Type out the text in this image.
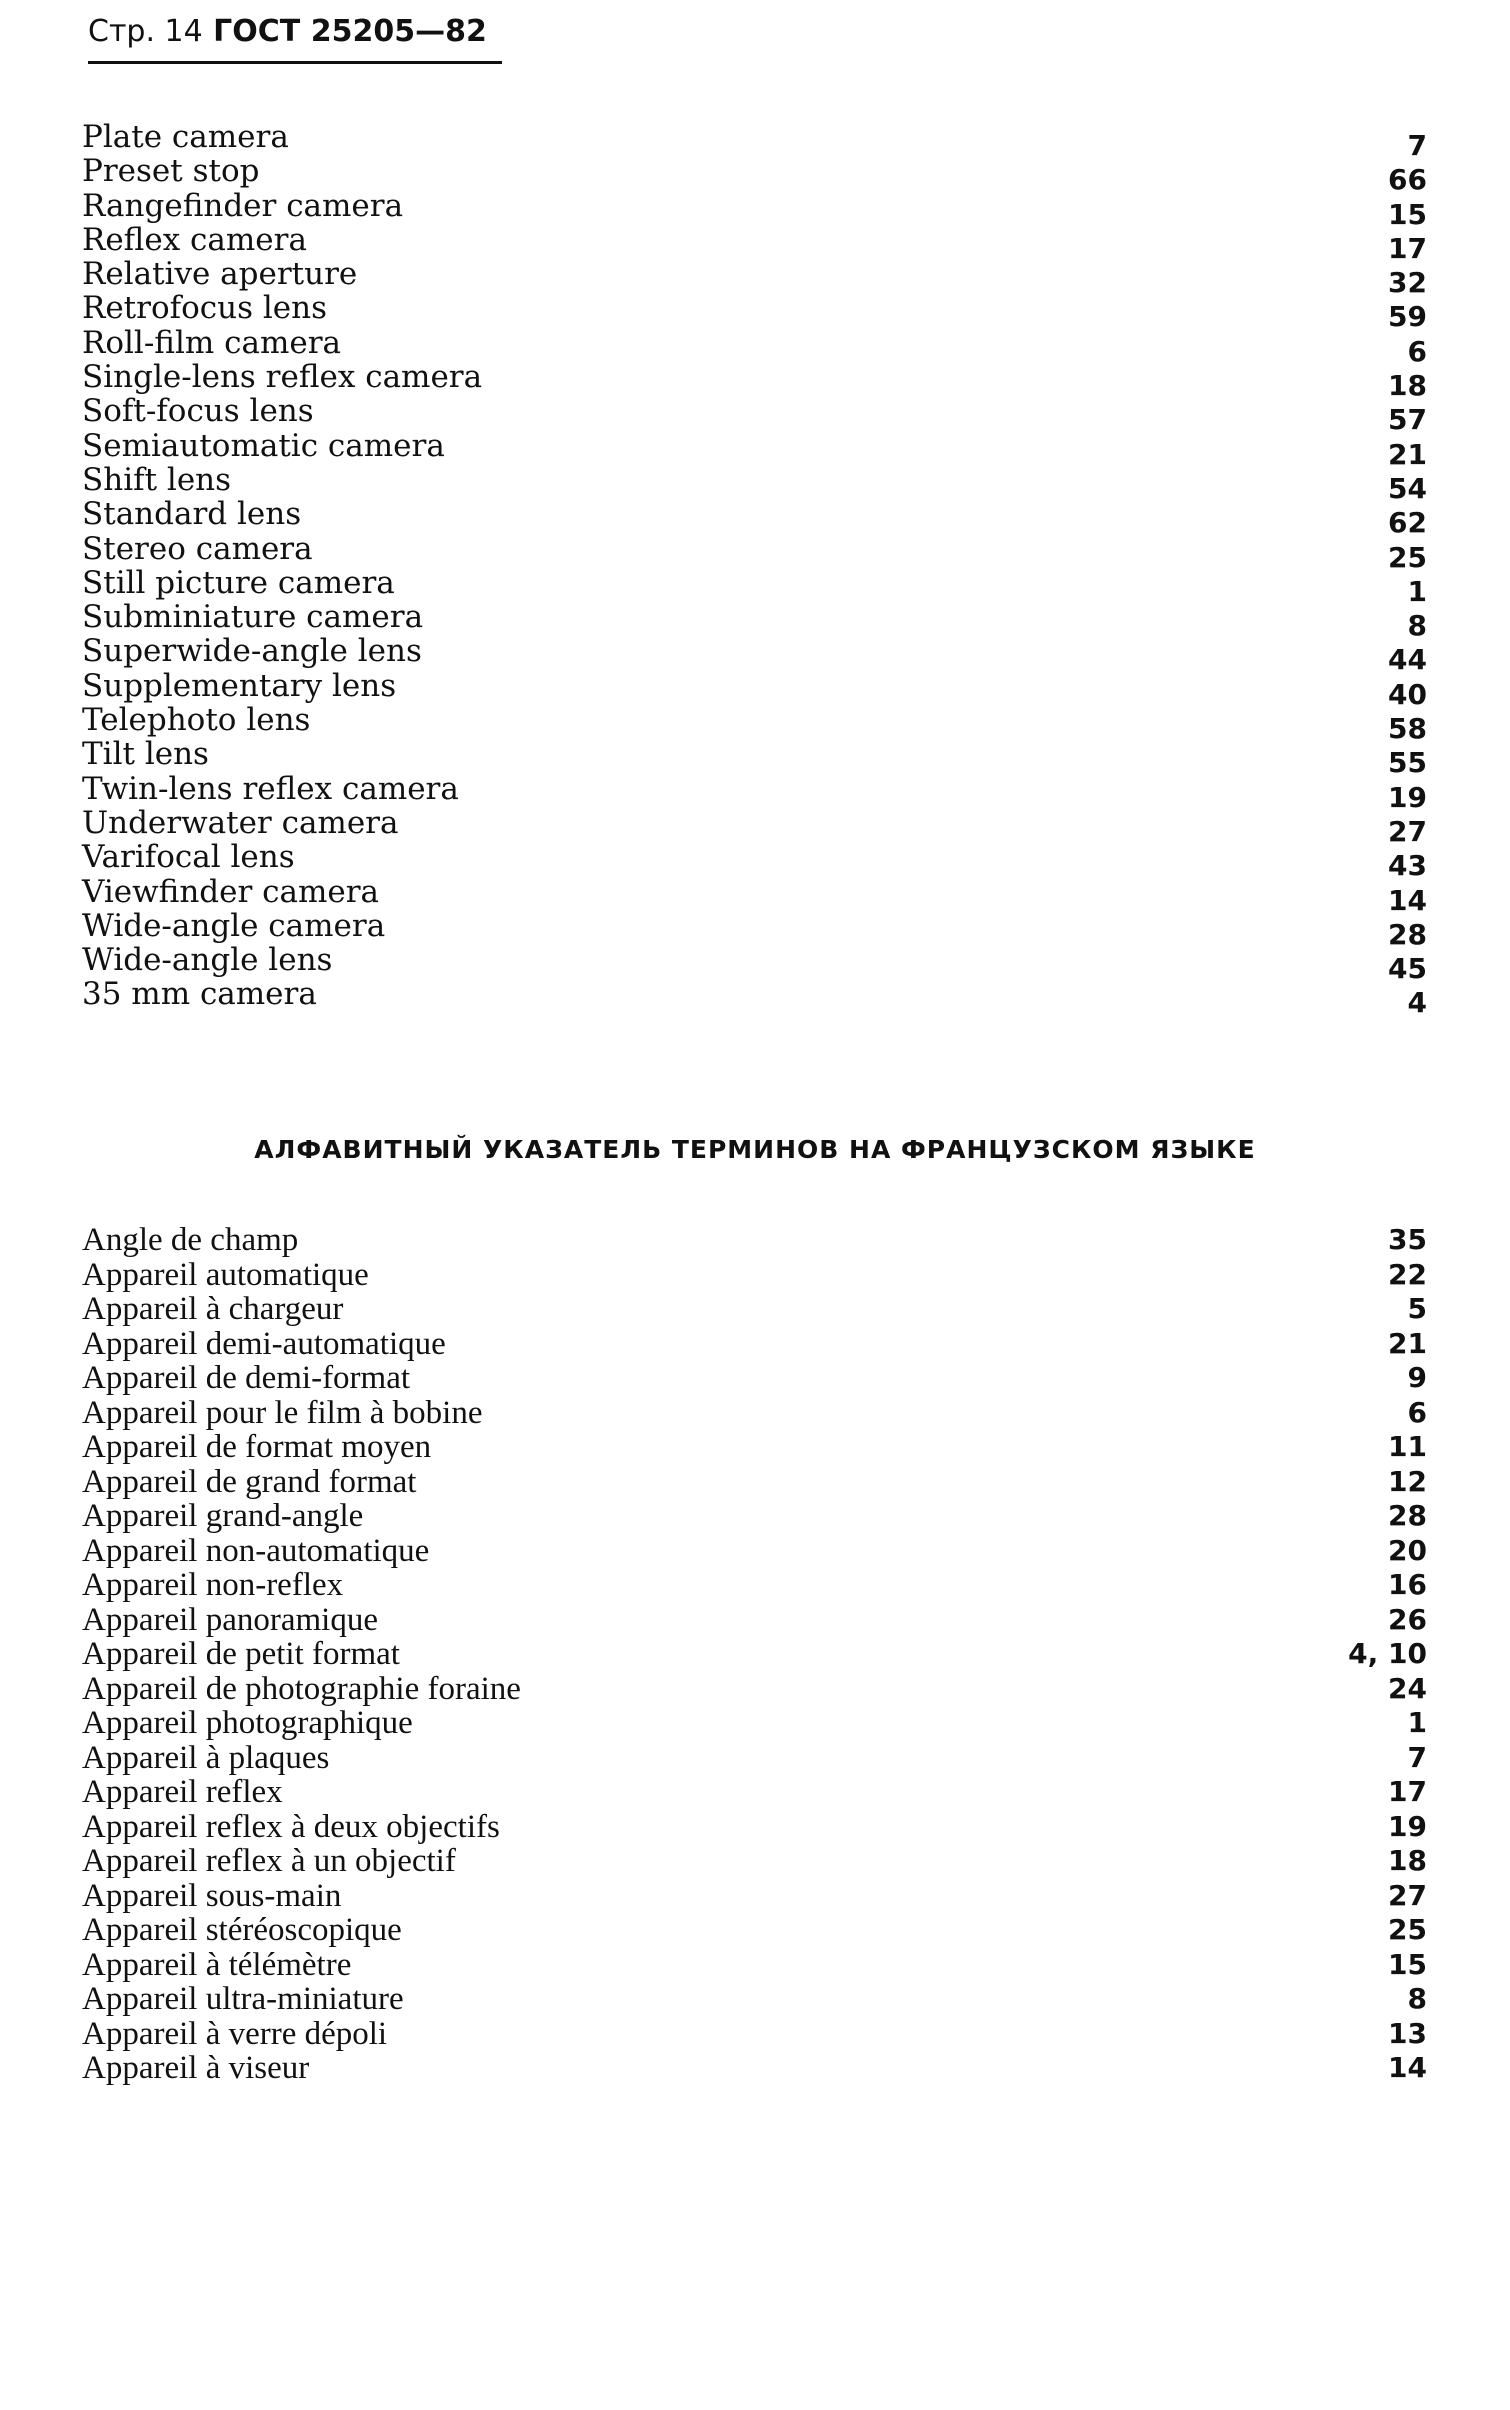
Стр. 14 ГОСТ 25205—82
Plate camera	7
Preset stop	66
Rangefinder camera	15
Reflex camera	17
Relative aperture	32
Retrofocus lens	59
Roll-film camera	6
Single-lens reflex camera	18
Soft-focus lens	57
Semiautomatic camera	21
Shift lens	54
Standard lens	62
Stereo camera	25
Still picture camera	1
Subminiature camera	8
Superwide-angle lens	44
Supplementary lens	40
Telephoto lens	58
Tilt lens	55
Twin-lens reflex camera	19
Underwater camera	27
Varifocal lens	43
Viewfinder camera	14
Wide-angle camera	28
Wide-angle lens	45
35 mm camera	4
АЛФАВИТНЫЙ УКАЗАТЕЛЬ ТЕРМИНОВ НА ФРАНЦУЗСКОМ ЯЗЫКЕ
Angle de champ	35
Appareil automatique	22
Appareil à chargeur	5
Appareil demi-automatique	21
Appareil de demi-format	9
Appareil pour le film à bobine	6
Appareil de format moyen	11
Appareil de grand format	12
Appareil grand-angle	28
Appareil non-automatique	20
Appareil non-reflex	16
Appareil panoramique	26
Appareil de petit format	4, 10
Appareil de photographie foraine	24
Appareil photographique	1
Appareil à plaques	7
Appareil reflex	17
Appareil reflex à deux objectifs	19
Appareil reflex à un objectif	18
Appareil sous-main	27
Appareil stéréoscopique	25
Appareil à télémètre	15
Appareil ultra-miniature	8
Appareil à verre dépoli	13
Appareil à viseur	14
